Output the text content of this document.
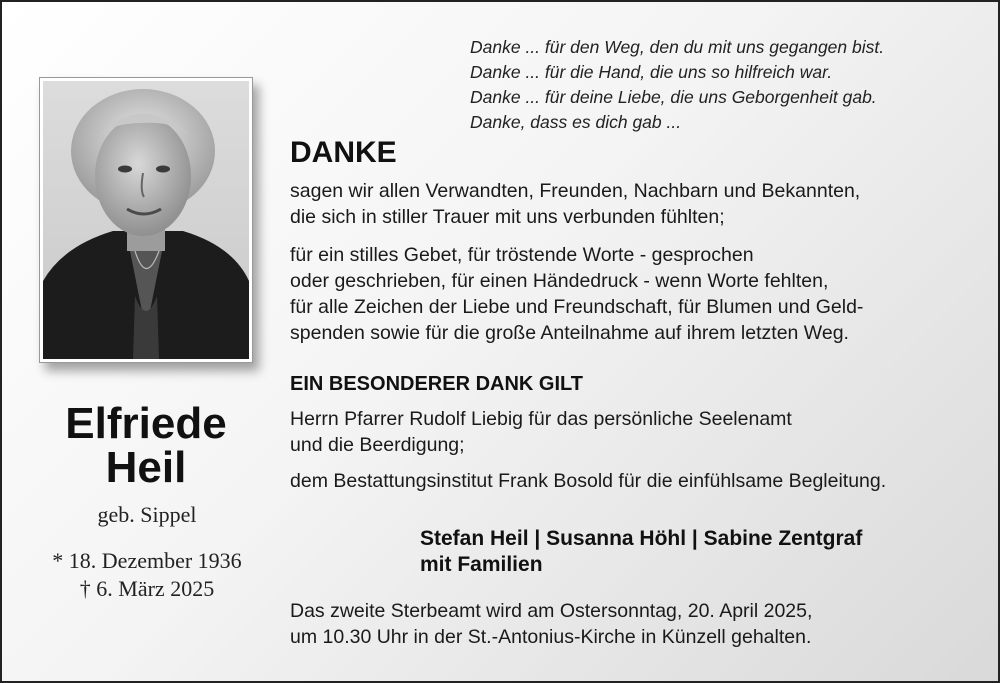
Elfriede
Heil
geb. Sippel
* 18. Dezember 1936
† 6. März 2025
Danke ... für den Weg, den du mit uns gegangen bist.
Danke ... für die Hand, die uns so hilfreich war.
Danke ... für deine Liebe, die uns Geborgenheit gab.
Danke, dass es dich gab ...
DANKE
sagen wir allen Verwandten, Freunden, Nachbarn und Bekannten,
die sich in stiller Trauer mit uns verbunden fühlten;
für ein stilles Gebet, für tröstende Worte - gesprochen
oder geschrieben, für einen Händedruck - wenn Worte fehlten,
für alle Zeichen der Liebe und Freundschaft, für Blumen und Geld-
spenden sowie für die große Anteilnahme auf ihrem letzten Weg.
EIN BESONDERER DANK GILT
Herrn Pfarrer Rudolf Liebig für das persönliche Seelenamt
und die Beerdigung;
dem Bestattungsinstitut Frank Bosold für die einfühlsame Begleitung.
Stefan Heil | Susanna Höhl | Sabine Zentgraf
mit Familien
Das zweite Sterbeamt wird am Ostersonntag, 20. April 2025,
um 10.30 Uhr in der St.-Antonius-Kirche in Künzell gehalten.
